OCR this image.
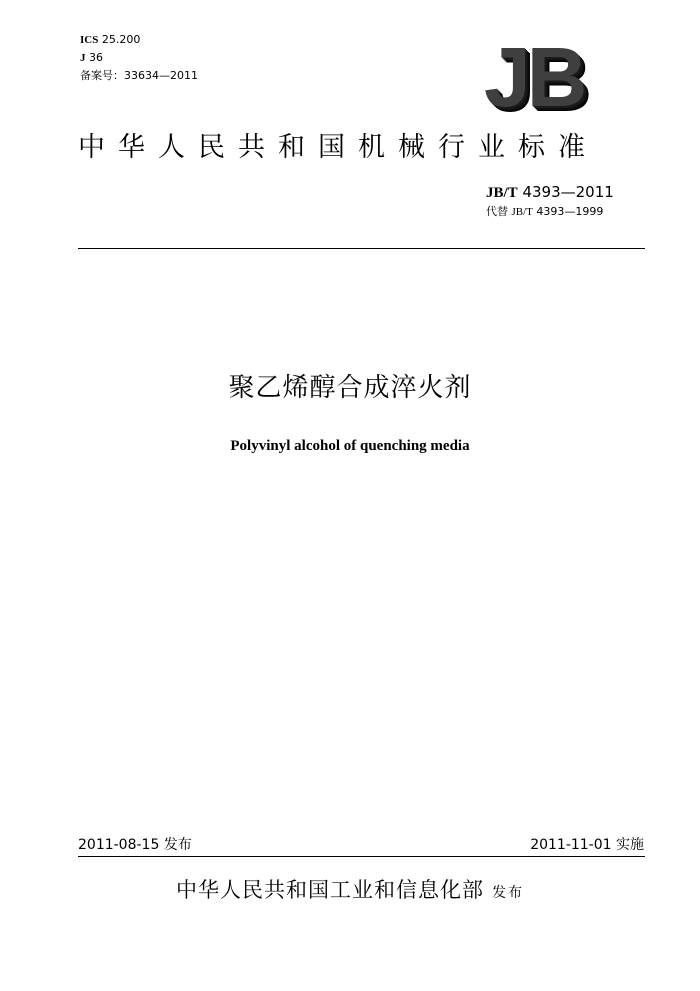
ICS 25.200
J 36
备案号：33634—2011	JB
中华人民共和国机械行业标准
JB/T 4393—2011
代替 JB/T 4393—1999
聚乙烯醇合成淬火剂
Polyvinyl alcohol of quenching media
2011-08-15 发布	2011-11-01 实施
中华人民共和国工业和信息化部 发布
